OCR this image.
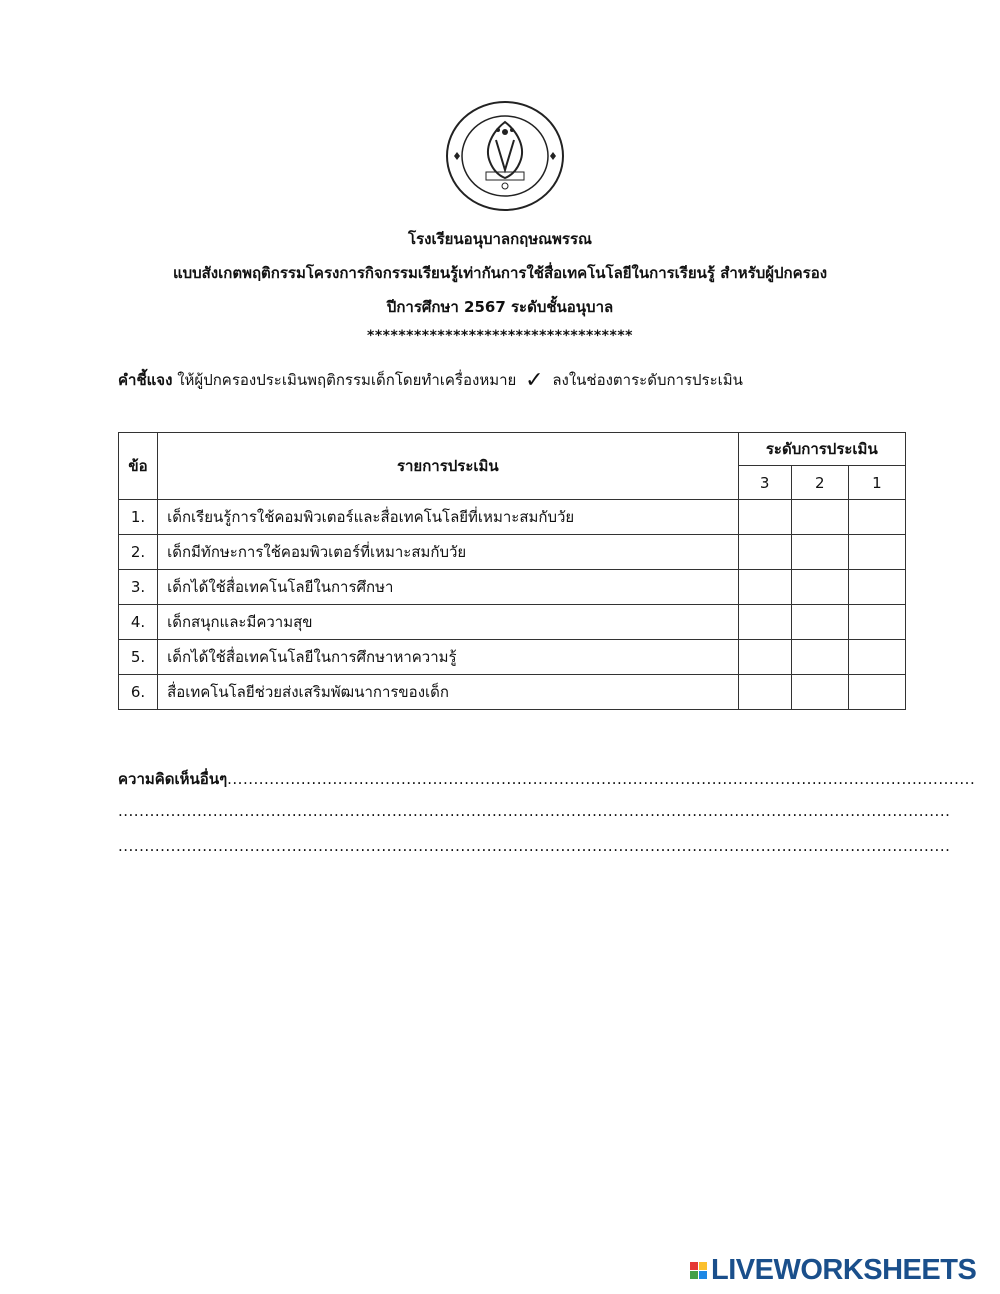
โรงเรียนอนุบาลกฤษณพรรณ
แบบสังเกตพฤติกรรมโครงการกิจกรรมเรียนรู้เท่ากันการใช้สื่อเทคโนโลยีในการเรียนรู้ สำหรับผู้ปกครอง
ปีการศึกษา 2567 ระดับชั้นอนุบาล
**********************************
คำชี้แจง ให้ผู้ปกครองประเมินพฤติกรรมเด็กโดยทำเครื่องหมาย ✓ ลงในช่องตาระดับการประเมิน
ข้อ	รายการประเมิน	ระดับการประเมิน		
		3	2	1
1.	เด็กเรียนรู้การใช้คอมพิวเตอร์และสื่อเทคโนโลยีที่เหมาะสมกับวัย			
2.	เด็กมีทักษะการใช้คอมพิวเตอร์ที่เหมาะสมกับวัย			
3.	เด็กได้ใช้สื่อเทคโนโลยีในการศึกษา			
4.	เด็กสนุกและมีความสุข			
5.	เด็กได้ใช้สื่อเทคโนโลยีในการศึกษาหาความรู้			
6.	สื่อเทคโนโลยีช่วยส่งเสริมพัฒนาการของเด็ก			
ความคิดเห็นอื่นๆ..............................................................................................................................................
..............................................................................................................................................................
..............................................................................................................................................................
LIVEWORKSHEETS
